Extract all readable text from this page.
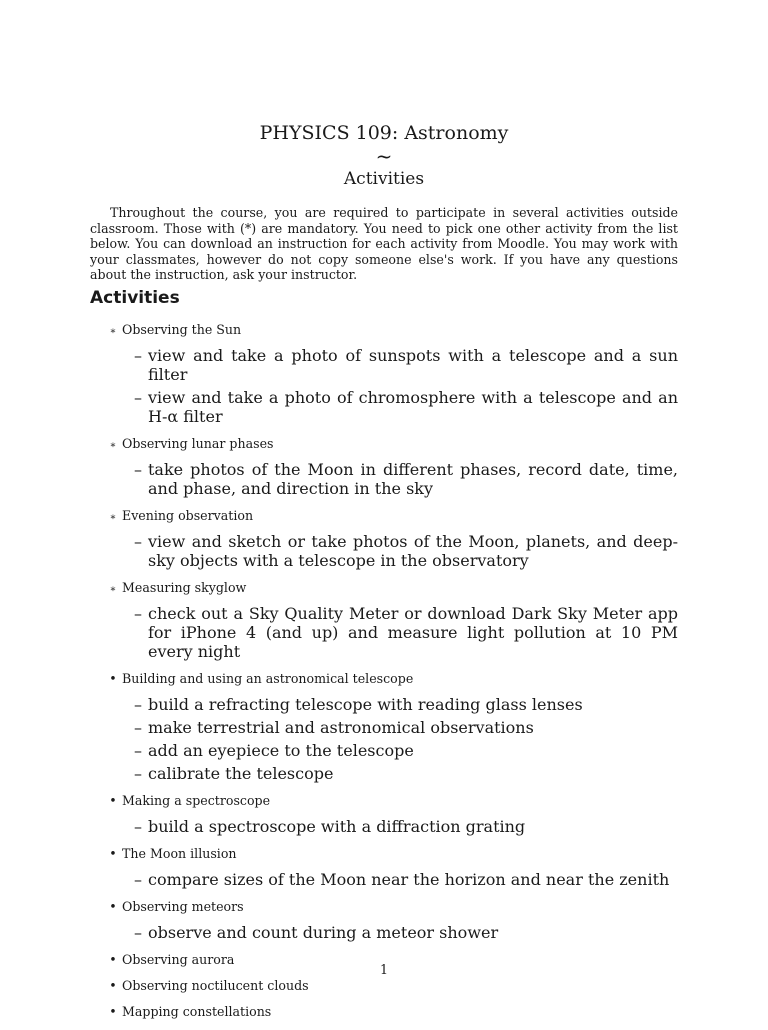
PHYSICS 109: Astronomy
~
Activities
Throughout the course, you are required to participate in several activities outside classroom. Those with (*) are mandatory. You need to pick one other activity from the list below. You can download an instruction for each activity from Moodle. You may work with your classmates, however do not copy someone else's work. If you have any questions about the instruction, ask your instructor.
Activities
∗ Observing the Sun
– view and take a photo of sunspots with a telescope and a sun filter
– view and take a photo of chromosphere with a telescope and an H-α filter
∗ Observing lunar phases
– take photos of the Moon in different phases, record date, time, and phase, and direction in the sky
∗ Evening observation
– view and sketch or take photos of the Moon, planets, and deep-sky objects with a telescope in the observatory
∗ Measuring skyglow
– check out a Sky Quality Meter or download Dark Sky Meter app for iPhone 4 (and up) and measure light pollution at 10 PM every night
• Building and using an astronomical telescope
– build a refracting telescope with reading glass lenses
– make terrestrial and astronomical observations
– add an eyepiece to the telescope
– calibrate the telescope
• Making a spectroscope
– build a spectroscope with a diffraction grating
• The Moon illusion
– compare sizes of the Moon near the horizon and near the zenith
• Observing meteors
– observe and count during a meteor shower
• Observing aurora
• Observing noctilucent clouds
• Mapping constellations
1
